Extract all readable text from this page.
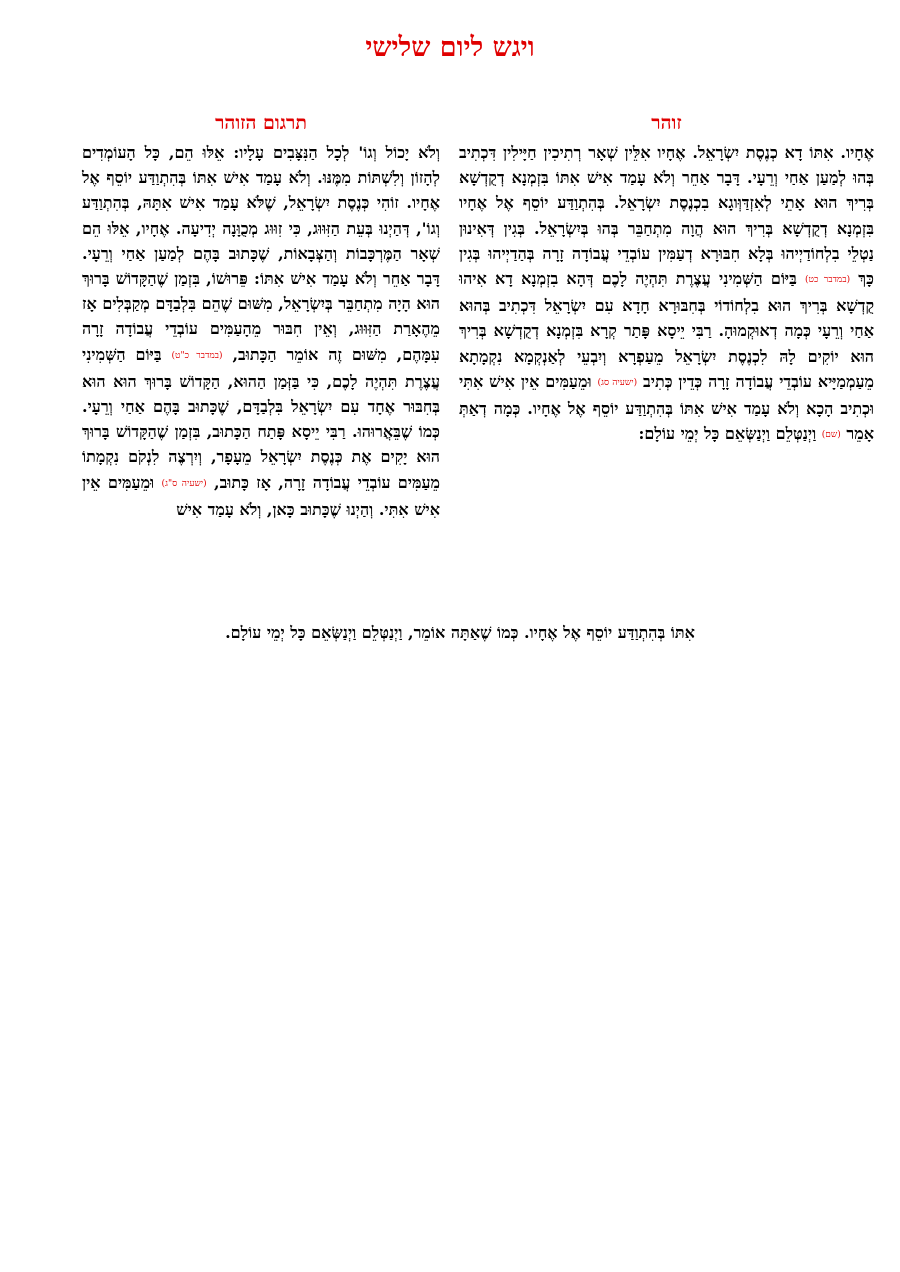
ויגש ליום שלישי
זוהר

אֶחָיו. אִתּוֹ דָא כְנֶסֶת יִשְׂרָאֵל. אֶחָיו אִלֵּין שְׁאָר רְתִיכִין חַיָּילִין דִּכְתִיב בְּהוּ לְמַעַן אַחַי וְרֵעָי. דָּבָר אַחֵר וְלֹא עָמַד אִישׁ אִתּוֹ בִּזְמְנָא דְקֻדְשָׁא בְּרִיךְ הוּא אָתֵי לְאִזְדַּוְּוגָא בִכְנֶסֶת יִשְׂרָאֵל. בְּהִתְוַדַּע יוֹסֵף אֶל אֶחָיו בִּזְמְנָא דְקֻדְשָׁא בְּרִיךְ הוּא הֲוָה מִתְחַבֵּר בְּהוּ בְּיִשְׂרָאֵל. בְּגִין דְּאִינוּן נַטְלֵי בִלְחוֹדַיְיהוּ בְּלָא חִבּוּרָא דְעַמִּין עוֹבְדֵי עֲבוֹדָה זָרָה בְּהַדַיְיהוּ בְּגִין כָּךְ (במדבר כט) בַּיּוֹם הַשְּׁמִינִי עֲצֶרֶת תִּהְיֶה לָכֶם דְּהָא בִזְמְנָא דָא אִיהוּ קֻדְשָׁא בְּרִיךְ הוּא בִלְחוֹדוֹי בְּחִבּוּרָא חָדָא עִם יִשְׂרָאֵל דִּכְתִיב בְּהוּא אַחַי וְרֵעָי כְּמָה דְאוּקְמוּהָ. רַבִּי יֵיסָא פָּתַר קְרָא בִּזְמְנָא דְקֻדְשָׁא בְּרִיךְ הוּא יוֹקִים לָהּ לִכְנֶסֶת יִשְׂרָאֵל מֵעַפְרָא וְיִבְעֵי לְאַנְקְמָא נִקְמָתָא מֵעַמְמַיָּיא עוֹבְדֵי עֲבוֹדָה זָרָה כְּדֵין כְּתִיב (ישעיה סג) וּמֵעַמִּים אֵין אִישׁ אִתִּי וּכְתִיב הָכָא וְלֹא עָמַד אִישׁ אִתּוֹ בְּהִתְוַדַּע יוֹסֵף אֶל אֶחָיו. כְּמָה דְאַתְּ אָמֵר (שם) וַיְנַטְּלֵם וַיְנַשְּׂאֵם כָּל יְמֵי עוֹלָם:

תרגום הזוהר

וְלֹא יָכוֹל וְגוֹ' לְכָל הַנִּצָּבִים עָלָיו: אֵלּוּ הֵם, כָּל הָעוֹמְדִים לְהָזוֹן וְלִשְׁתּוֹת מִמֶּנּוּ. וְלֹא עָמַד אִישׁ אִתּוֹ בְּהִתְוַדַּע יוֹסֵף אֶל אֶחָיו. זוֹהִי כְּנֶסֶת יִשְׂרָאֵל, שֶׁלֹּא עָמַד אִישׁ אִתָּהּ, בְּהִתְוַדַּע וְגוֹ', דְּהַיְנוּ בְּעֵת הַזִּוּוּג, כִּי זִוּוּג מְכֻוָּנָה יְדִיעָה. אֶחָיו, אֵלּוּ הֵם שְׁאָר הַמֶּרְכָּבוֹת וְהַצְּבָאוֹת, שֶׁכָּתוּב בָּהֶם לְמַעַן אַחַי וְרֵעָי. דָּבָר אַחֵר וְלֹא עָמַד אִישׁ אִתּוֹ: פֵּרוּשׁוֹ, בִּזְמַן שֶׁהַקָּדוֹשׁ בָּרוּךְ הוּא הָיָה מִתְחַבֵּר בְּיִשְׂרָאֵל, מִשּׁוּם שֶׁהֵם בִּלְבַדָּם מְקַבְּלִים אָז מֵהֶאָרַת הַזִּוּוּג, וְאֵין חִבּוּר מֵהָעַמִּים עוֹבְדֵי עֲבוֹדָה זָרָה עִמָּהֶם, מִשּׁוּם זֶה אוֹמֵר הַכָּתוּב, (במדבר כ"ט) בַּיּוֹם הַשְּׁמִינִי עֲצֶרֶת תִּהְיֶה לָכֶם, כִּי בַּזְּמַן הַהוּא, הַקָּדוֹשׁ בָּרוּךְ הוּא הוּא בְּחִבּוּר אֶחָד עִם יִשְׂרָאֵל בִּלְבַדָּם, שֶׁכָּתוּב בָּהֶם אַחַי וְרֵעָי. כְּמוֹ שֶׁבֵּאֲרוּהוּ. רַבִּי יֵיסָא פָּתַח הַכָּתוּב, בִּזְמַן שֶׁהַקָּדוֹשׁ בָּרוּךְ הוּא יָקִים אֶת כְּנֶסֶת יִשְׂרָאֵל מֵעָפָר, וְיִרְצֶה לִנְקֹם נִקְמָתוֹ מֵעַמִּים עוֹבְדֵי עֲבוֹדָה זָרָה, אָז כָּתוּב, (ישעיה ס"ג) וּמֵעַמִּים אֵין אִישׁ אִתִּי. וְהַיְנוּ שֶׁכָּתוּב כָּאן, וְלֹא עָמַד אִישׁ

אִתּוֹ בְּהִתְוַדַּע יוֹסֵף אֶל אֶחָיו. כְּמוֹ שֶׁאַתָּה אוֹמֵר, וַיְנַטְּלֵם וַיְנַשְּׂאֵם כָּל יְמֵי עוֹלָם.
